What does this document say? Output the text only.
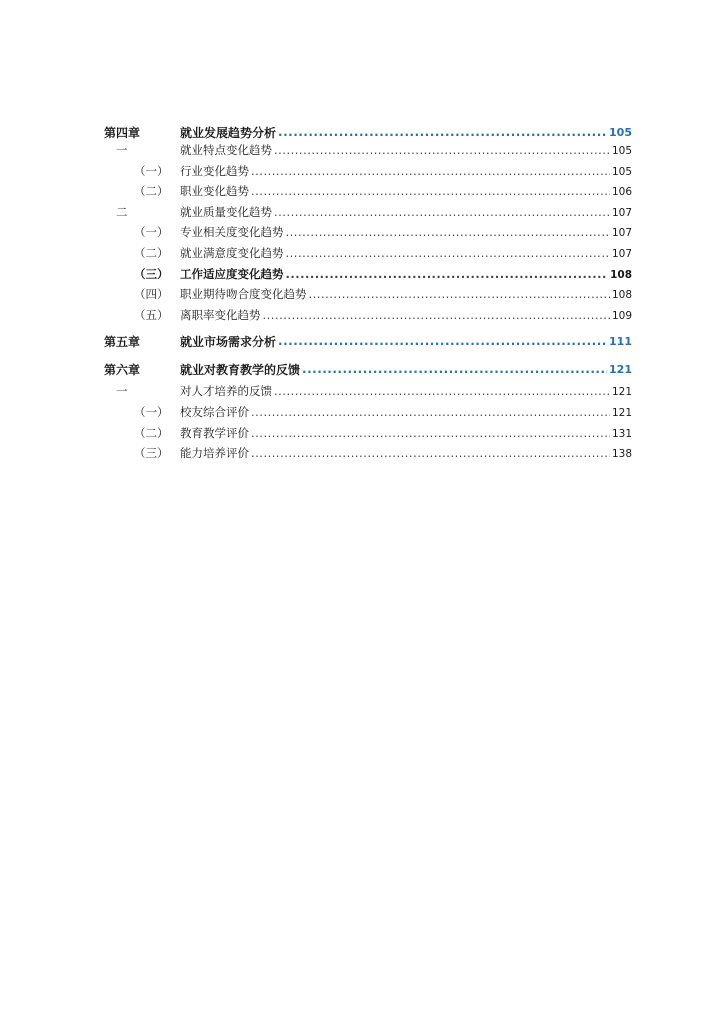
第四章	就业发展趋势分析 .....	105
一	就业特点变化趋势 .....	105
（一） 行业变化趋势 .....	105
（二） 职业变化趋势 .....	106
二	就业质量变化趋势 .....	107
（一） 专业相关度变化趋势 .....	107
（二） 就业满意度变化趋势 .....	107
（三） 工作适应度变化趋势 .....	108
（四） 职业期待吻合度变化趋势 .....	108
（五） 离职率变化趋势 .....	109
第五章	就业市场需求分析 .....	111
第六章	就业对教育教学的反馈 .....	121
一	对人才培养的反馈 .....	121
（一） 校友综合评价 .....	121
（二） 教育教学评价 .....	131
（三） 能力培养评价 .....	138
